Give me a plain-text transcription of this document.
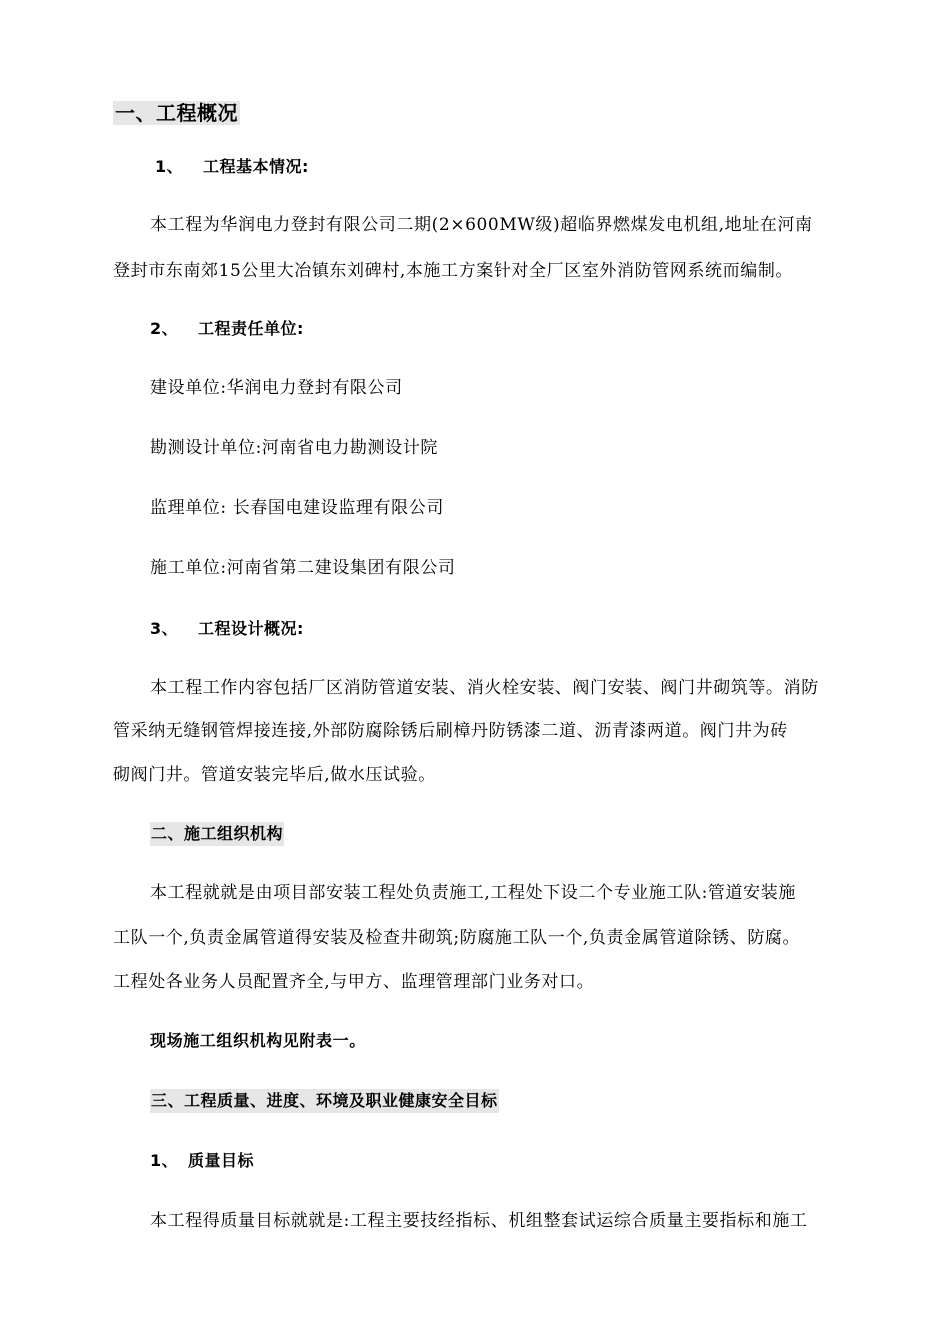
一、工程概况
1、 工程基本情况:
本工程为华润电力登封有限公司二期(2×600MW级)超临界燃煤发电机组,地址在河南
登封市东南郊15公里大冶镇东刘碑村,本施工方案针对全厂区室外消防管网系统而编制。
2、 工程责任单位:
建设单位:华润电力登封有限公司
勘测设计单位:河南省电力勘测设计院
监理单位: 长春国电建设监理有限公司
施工单位:河南省第二建设集团有限公司
3、 工程设计概况:
本工程工作内容包括厂区消防管道安装、消火栓安装、阀门安装、阀门井砌筑等。消防
管采纳无缝钢管焊接连接,外部防腐除锈后刷樟丹防锈漆二道、沥青漆两道。阀门井为砖
砌阀门井。管道安装完毕后,做水压试验。
二、施工组织机构
本工程就就是由项目部安装工程处负责施工,工程处下设二个专业施工队:管道安装施
工队一个,负责金属管道得安装及检查井砌筑;防腐施工队一个,负责金属管道除锈、防腐。
工程处各业务人员配置齐全,与甲方、监理管理部门业务对口。
现场施工组织机构见附表一。
三、工程质量、进度、环境及职业健康安全目标
1、 质量目标
本工程得质量目标就就是:工程主要技经指标、机组整套试运综合质量主要指标和施工
